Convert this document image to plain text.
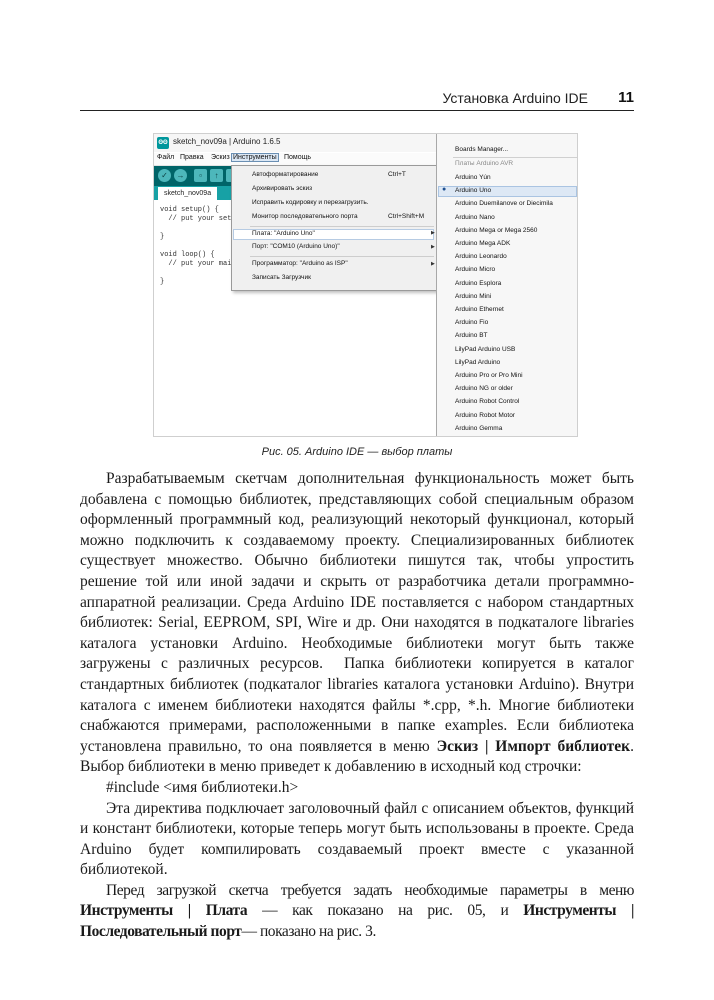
Установка Arduino IDE 11
ΘΘ sketch_nov09a | Arduino 1.6.5
Файл Правка Эскиз Инструменты Помощь
✓	→	▫	↑
sketch_nov09a
void setup() {
// put your set
}
void loop() {
// put your mai
}
Автоформатирование	Ctrl+T
Архивировать эскиз
Исправить кодировку и перезагрузить.
Монитор последовательного порта	Ctrl+Shift+M
Плата: "Arduino Uno"	▶
Порт: "COM10 (Arduino Uno)"	▶
Программатор: "Arduino as ISP"	▶
Записать Загрузчик
Boards Manager...
Платы Arduino AVR
Arduino Yún
● Arduino Uno
Arduino Duemilanove or Diecimila
Arduino Nano
Arduino Mega or Mega 2560
Arduino Mega ADK
Arduino Leonardo
Arduino Micro
Arduino Esplora
Arduino Mini
Arduino Ethernet
Arduino Fio
Arduino BT
LilyPad Arduino USB
LilyPad Arduino
Arduino Pro or Pro Mini
Arduino NG or older
Arduino Robot Control
Arduino Robot Motor
Arduino Gemma
Рис. 05. Arduino IDE — выбор платы

Разрабатываемым скетчам дополнительная функциональность может быть добавлена с помощью библиотек, представляющих собой специальным образом оформленный программный код, реализующий некоторый функционал, который можно подключить к создаваемому проекту. Специализированных библиотек существует множество. Обычно библиотеки пишутся так, чтобы упростить решение той или иной задачи и скрыть от разработчика детали программно-аппаратной реализации. Среда Arduino IDE поставляется с набором стандартных библиотек: Serial, EEPROM, SPI, Wire и др. Они находятся в подкаталоге libraries каталога установки Arduino. Необходимые библиотеки могут быть также загружены с различных ресурсов. Папка библиотеки копируется в каталог стандартных библиотек (подкаталог libraries каталога установки Arduino). Внутри каталога с именем библиотеки находятся файлы *.cpp, *.h. Многие библиотеки снабжаются примерами, расположенными в папке examples. Если библиотека установлена правильно, то она появляется в меню Эскиз | Импорт библиотек. Выбор библиотеки в меню приведет к добавлению в исходный код строчки:

#include <имя библиотеки.h>

Эта директива подключает заголовочный файл с описанием объектов, функций и констант библиотеки, которые теперь могут быть использованы в проекте. Среда Arduino будет компилировать создаваемый проект вместе с указанной библиотекой.

Перед загрузкой скетча требуется задать необходимые параметры в меню Инструменты | Плата — как показано на рис. 05, и Инструменты | Последовательный порт— показано на рис. 3.
